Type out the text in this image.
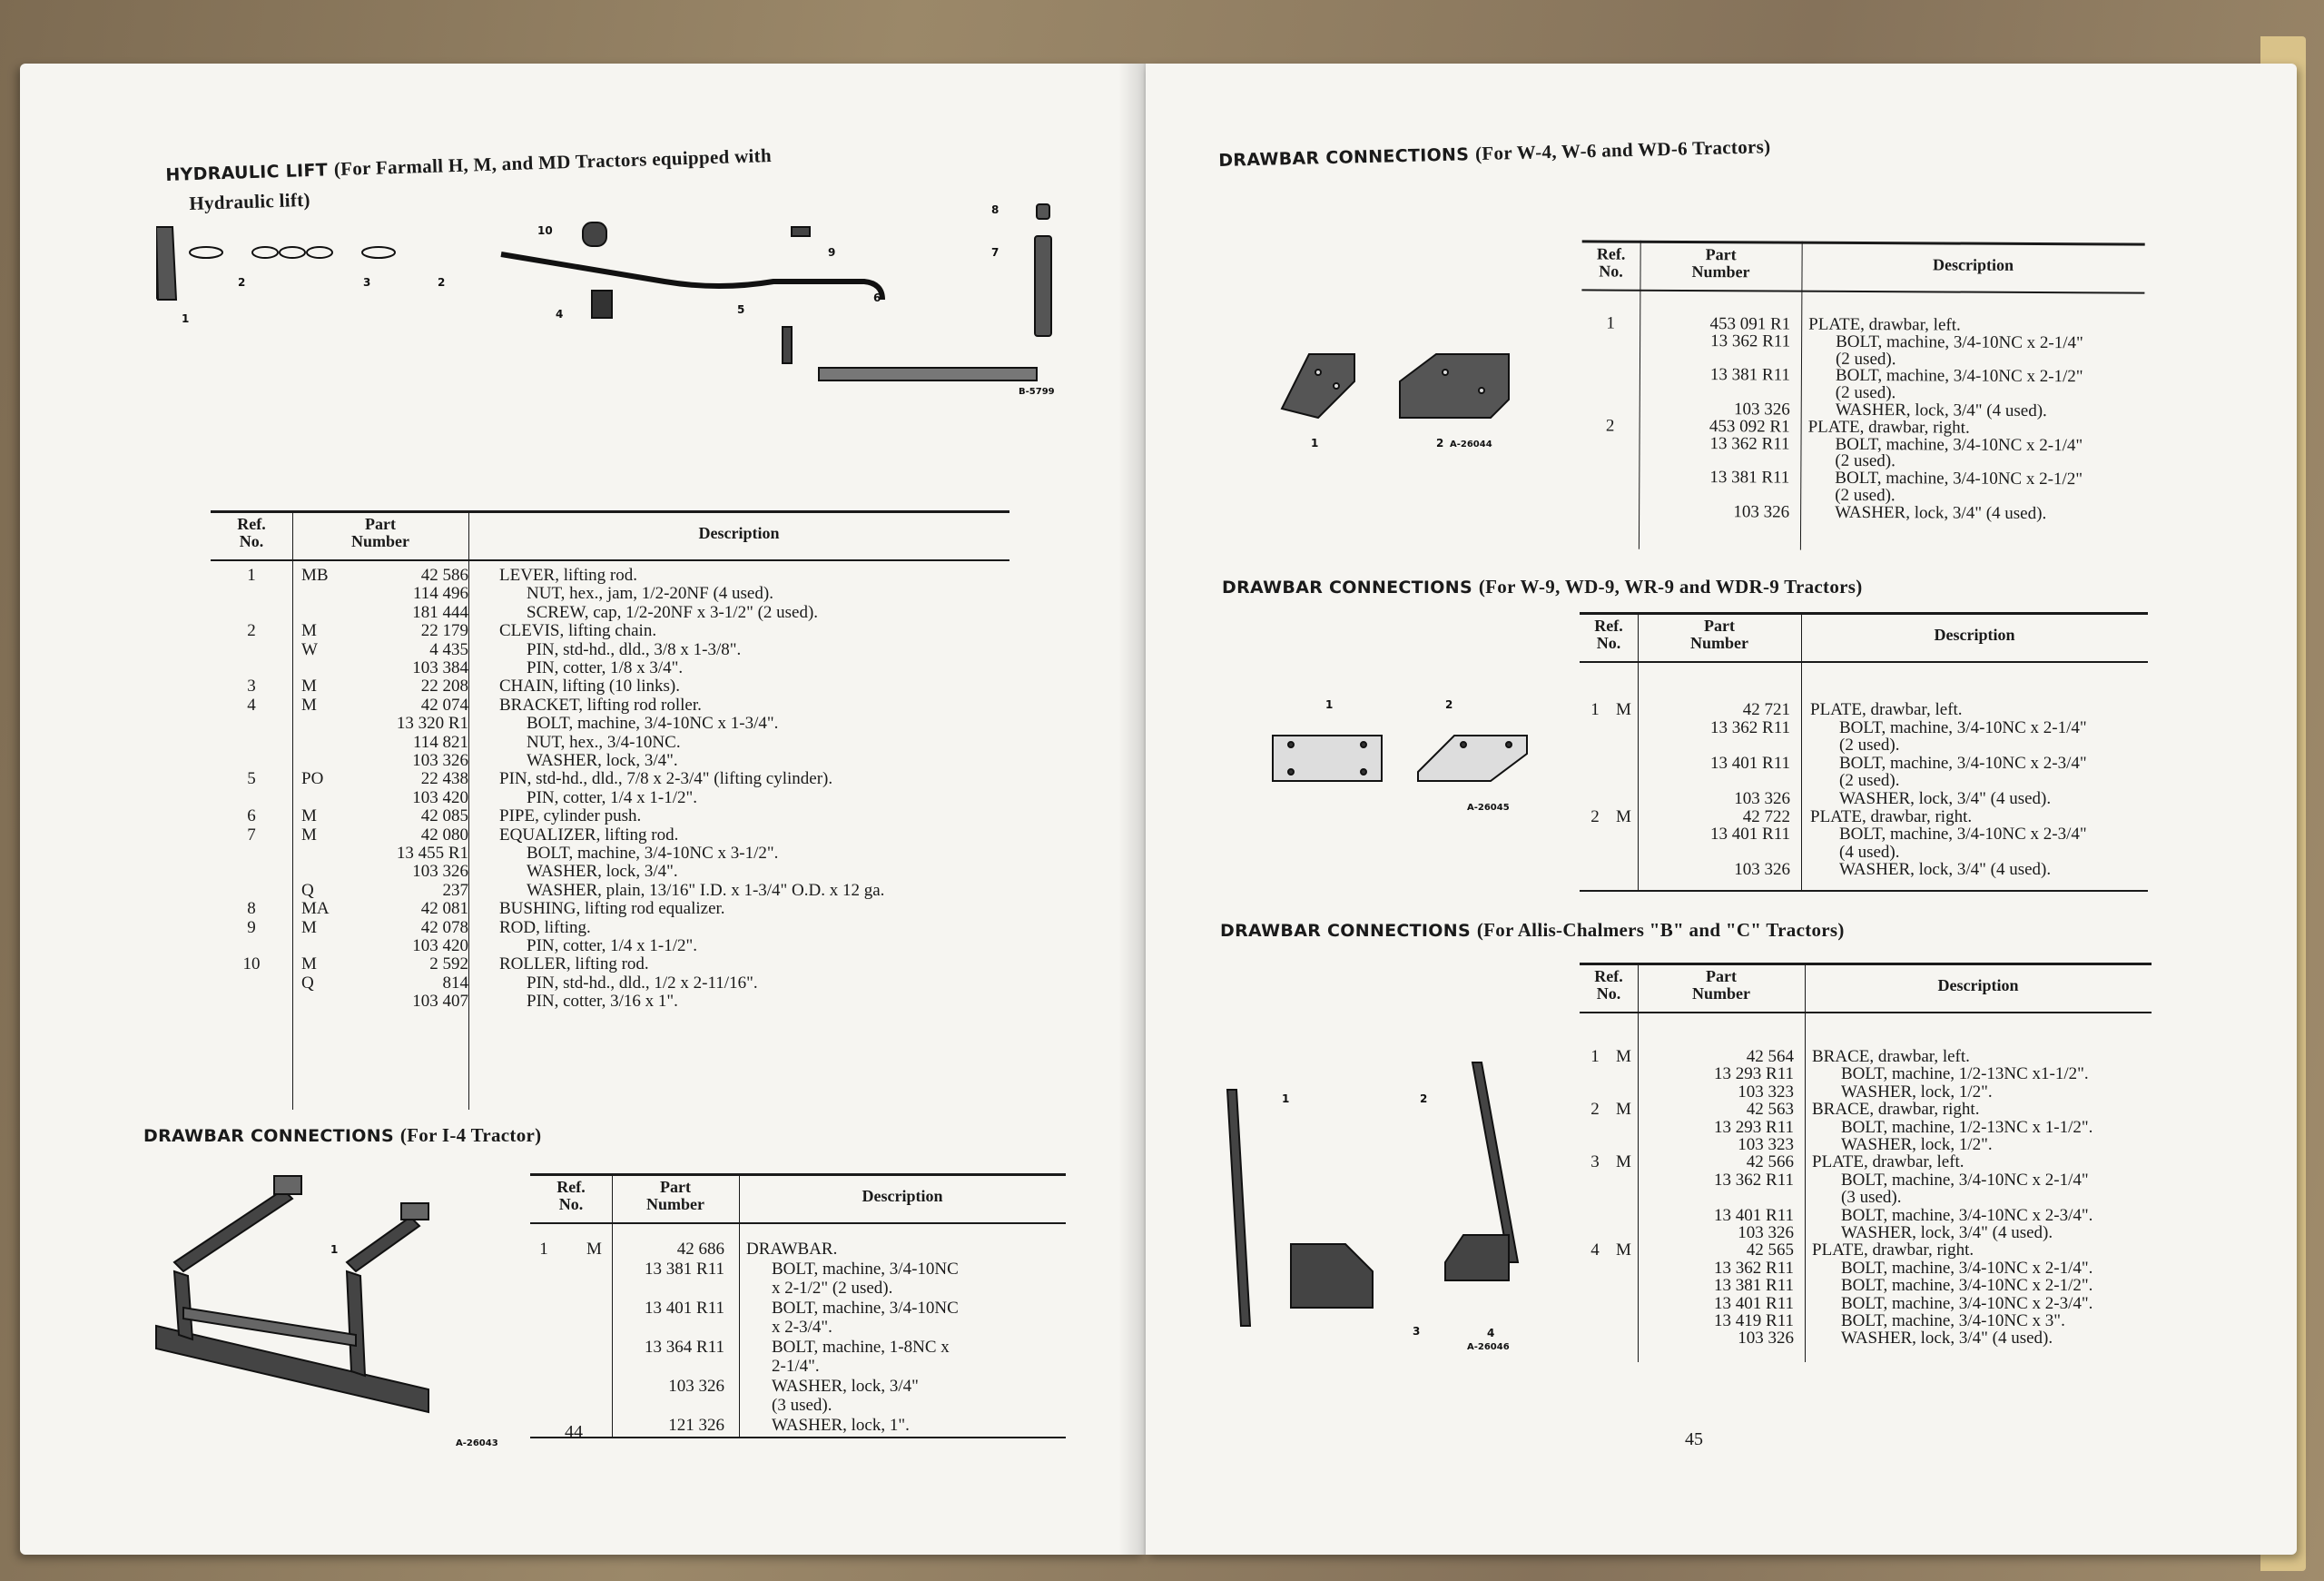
HYDRAULIC LIFT (For Farmall H, M, and MD Tractors equipped with
Hydraulic lift)
1
2	3	2
4	5
6
7
8
9
10
B-5799
Ref.
No.
Part
Number	Description
1	MB	42 586 LEVER, lifting rod.
114 496	NUT, hex., jam, 1/2-20NF (4 used).
181 444	SCREW, cap, 1/2-20NF x 3-1/2" (2 used).
2	M	22 179 CLEVIS, lifting chain.
W	4 435	PIN, std-hd., dld., 3/8 x 1-3/8".
103 384	PIN, cotter, 1/8 x 3/4".
3	M	22 208 CHAIN, lifting (10 links).
4	M	42 074 BRACKET, lifting rod roller.
13 320 R1	BOLT, machine, 3/4-10NC x 1-3/4".
114 821	NUT, hex., 3/4-10NC.
103 326	WASHER, lock, 3/4".
5	PO	22 438 PIN, std-hd., dld., 7/8 x 2-3/4" (lifting cylinder).
103 420	PIN, cotter, 1/4 x 1-1/2".
6	M	42 085 PIPE, cylinder push.
7	M	42 080 EQUALIZER, lifting rod.
13 455 R1	BOLT, machine, 3/4-10NC x 3-1/2".
103 326	WASHER, lock, 3/4".
Q	237	WASHER, plain, 13/16" I.D. x 1-3/4" O.D. x 12 ga.
8	MA	42 081 BUSHING, lifting rod equalizer.
9	M	42 078 ROD, lifting.
103 420	PIN, cotter, 1/4 x 1-1/2".
10	M	2 592 ROLLER, lifting rod.
Q	814	PIN, std-hd., dld., 1/2 x 2-11/16".
103 407	PIN, cotter, 3/16 x 1".
DRAWBAR CONNECTIONS (For I-4 Tractor)
1
A-26043
Ref.
No.
Part
Number	Description
1	M	42 686 DRAWBAR.
13 381 R11	BOLT, machine, 3/4-10NC
x 2-1/2" (2 used).
13 401 R11	BOLT, machine, 3/4-10NC
x 2-3/4".
13 364 R11	BOLT, machine, 1-8NC x
2-1/4".
103 326	WASHER, lock, 3/4"
(3 used).
121 326	WASHER, lock, 1".
44
DRAWBAR CONNECTIONS (For W-4, W-6 and WD-6 Tractors)
1	2 A-26044
Ref.
No.
Part
Number	Description
1	453 091 R1 PLATE, drawbar, left.
13 362 R11	BOLT, machine, 3/4-10NC x 2-1/4"
(2 used).
13 381 R11	BOLT, machine, 3/4-10NC x 2-1/2"
(2 used).
103 326	WASHER, lock, 3/4" (4 used).
2	453 092 R1 PLATE, drawbar, right.
13 362 R11	BOLT, machine, 3/4-10NC x 2-1/4"
(2 used).
13 381 R11	BOLT, machine, 3/4-10NC x 2-1/2"
(2 used).
103 326	WASHER, lock, 3/4" (4 used).
DRAWBAR CONNECTIONS (For W-9, WD-9, WR-9 and WDR-9 Tractors)
1	2
A-26045
Ref.
No.
Part
Number	Description
1 M	42 721 PLATE, drawbar, left.
13 362 R11	BOLT, machine, 3/4-10NC x 2-1/4"
(2 used).
13 401 R11	BOLT, machine, 3/4-10NC x 2-3/4"
(2 used).
103 326	WASHER, lock, 3/4" (4 used).
2 M	42 722 PLATE, drawbar, right.
13 401 R11	BOLT, machine, 3/4-10NC x 2-3/4"
(4 used).
103 326	WASHER, lock, 3/4" (4 used).
DRAWBAR CONNECTIONS (For Allis-Chalmers "B" and "C" Tractors)
1	2
3	4
A-26046
Ref.
No.
Part
Number	Description
1 M	42 564 BRACE, drawbar, left.
13 293 R11	BOLT, machine, 1/2-13NC x1-1/2".
103 323	WASHER, lock, 1/2".
2 M	42 563 BRACE, drawbar, right.
13 293 R11	BOLT, machine, 1/2-13NC x 1-1/2".
103 323	WASHER, lock, 1/2".
3 M	42 566 PLATE, drawbar, left.
13 362 R11	BOLT, machine, 3/4-10NC x 2-1/4"
(3 used).
13 401 R11	BOLT, machine, 3/4-10NC x 2-3/4".
103 326	WASHER, lock, 3/4" (4 used).
4 M	42 565 PLATE, drawbar, right.
13 362 R11	BOLT, machine, 3/4-10NC x 2-1/4".
13 381 R11	BOLT, machine, 3/4-10NC x 2-1/2".
13 401 R11	BOLT, machine, 3/4-10NC x 2-3/4".
13 419 R11	BOLT, machine, 3/4-10NC x 3".
103 326	WASHER, lock, 3/4" (4 used).
45
